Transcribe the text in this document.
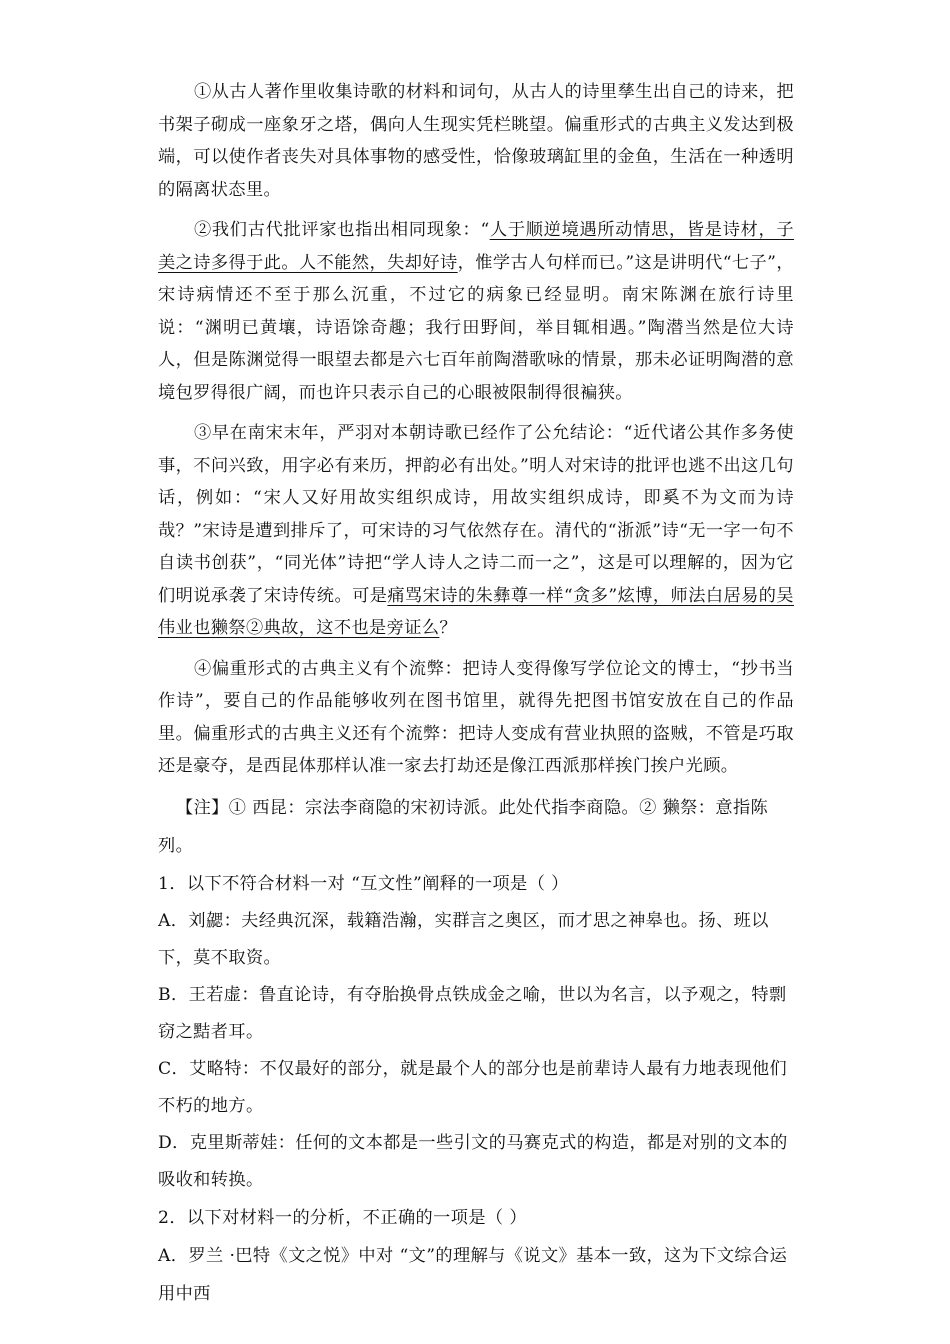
①从古人著作里收集诗歌的材料和词句，从古人的诗里孳生出自己的诗来，把书架子砌成一座象牙之塔，偶向人生现实凭栏眺望。偏重形式的古典主义发达到极端，可以使作者丧失对具体事物的感受性，恰像玻璃缸里的金鱼，生活在一种透明的隔离状态里。

②我们古代批评家也指出相同现象：“人于顺逆境遇所动情思，皆是诗材，子美之诗多得于此。人不能然，失却好诗，惟学古人句样而已。”这是讲明代“七子”，宋诗病情还不至于那么沉重，不过它的病象已经显明。南宋陈渊在旅行诗里说：“渊明已黄壤，诗语馀奇趣；我行田野间，举目辄相遇。”陶潜当然是位大诗人，但是陈渊觉得一眼望去都是六七百年前陶潜歌咏的情景，那未必证明陶潜的意境包罗得很广阔，而也许只表示自己的心眼被限制得很褊狭。

③早在南宋末年，严羽对本朝诗歌已经作了公允结论：“近代诸公其作多务使事，不问兴致，用字必有来历，押韵必有出处。”明人对宋诗的批评也逃不出这几句话，例如：“宋人又好用故实组织成诗，用故实组织成诗，即奚不为文而为诗哉？”宋诗是遭到排斥了，可宋诗的习气依然存在。清代的“浙派”诗“无一字一句不自读书创获”，“同光体”诗把“学人诗人之诗二而一之”，这是可以理解的，因为它们明说承袭了宋诗传统。可是痛骂宋诗的朱彝尊一样“贪多”炫博，师法白居易的吴伟业也獭祭②典故，这不也是旁证么？

④偏重形式的古典主义有个流弊：把诗人变得像写学位论文的博士，“抄书当作诗”，要自己的作品能够收列在图书馆里，就得先把图书馆安放在自己的作品里。偏重形式的古典主义还有个流弊：把诗人变成有营业执照的盗贼，不管是巧取还是豪夺，是西昆体那样认准一家去打劫还是像江西派那样挨门挨户光顾。

【注】① 西昆：宗法李商隐的宋初诗派。此处代指李商隐。② 獭祭：意指陈列。

1．以下不符合材料一对 “互文性”阐释的一项是（ ）

A．刘勰：夫经典沉深，载籍浩瀚，实群言之奥区，而才思之神皋也。扬、班以下，莫不取资。

B．王若虚：鲁直论诗，有夺胎换骨点铁成金之喻，世以为名言，以予观之，特剽窃之黠者耳。

C．艾略特：不仅最好的部分，就是最个人的部分也是前辈诗人最有力地表现他们不朽的地方。

D．克里斯蒂娃：任何的文本都是一些引文的马赛克式的构造，都是对别的文本的吸收和转换。

2．以下对材料一的分析，不正确的一项是（ ）

A．罗兰 ·巴特《文之悦》中对 “文”的理解与《说文》基本一致，这为下文综合运用中西
